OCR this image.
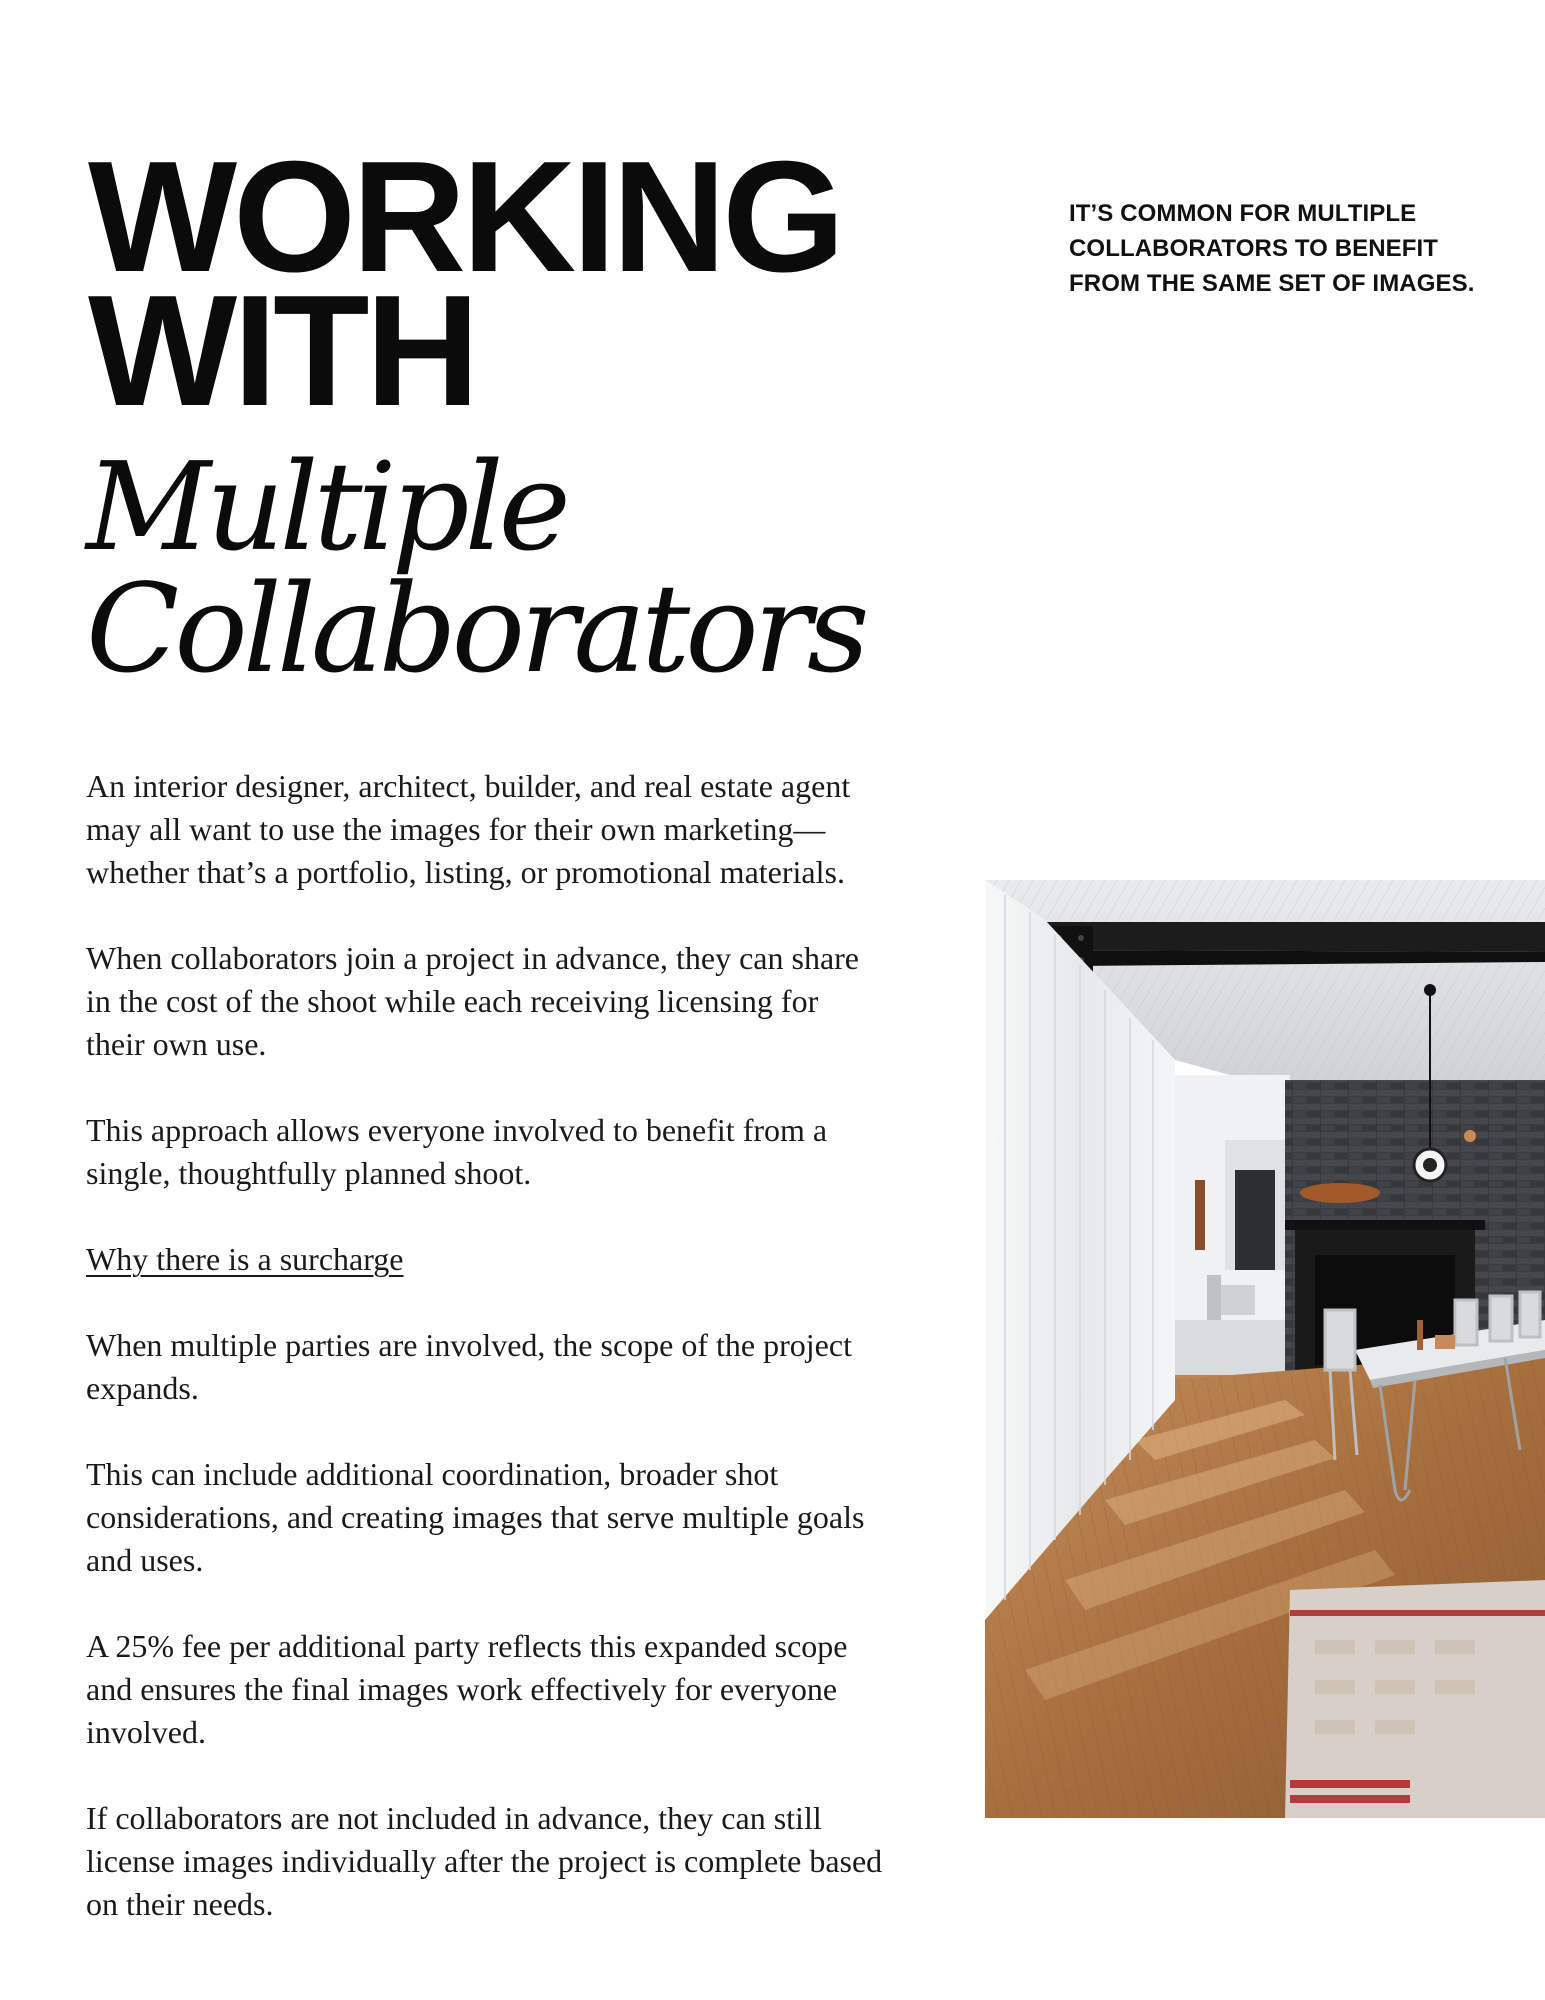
WORKING
WITH
Multiple
Collaborators
IT’S COMMON FOR MULTIPLE
COLLABORATORS TO BENEFIT
FROM THE SAME SET OF IMAGES.

An interior designer, architect, builder, and real estate agent
may all want to use the images for their own marketing—
whether that’s a portfolio, listing, or promotional materials.

When collaborators join a project in advance, they can share
in the cost of the shoot while each receiving licensing for
their own use.

This approach allows everyone involved to benefit from a
single, thoughtfully planned shoot.

Why there is a surcharge

When multiple parties are involved, the scope of the project
expands.

This can include additional coordination, broader shot
considerations, and creating images that serve multiple goals
and uses.

A 25% fee per additional party reflects this expanded scope
and ensures the final images work effectively for everyone
involved.

If collaborators are not included in advance, they can still
license images individually after the project is complete based
on their needs.
